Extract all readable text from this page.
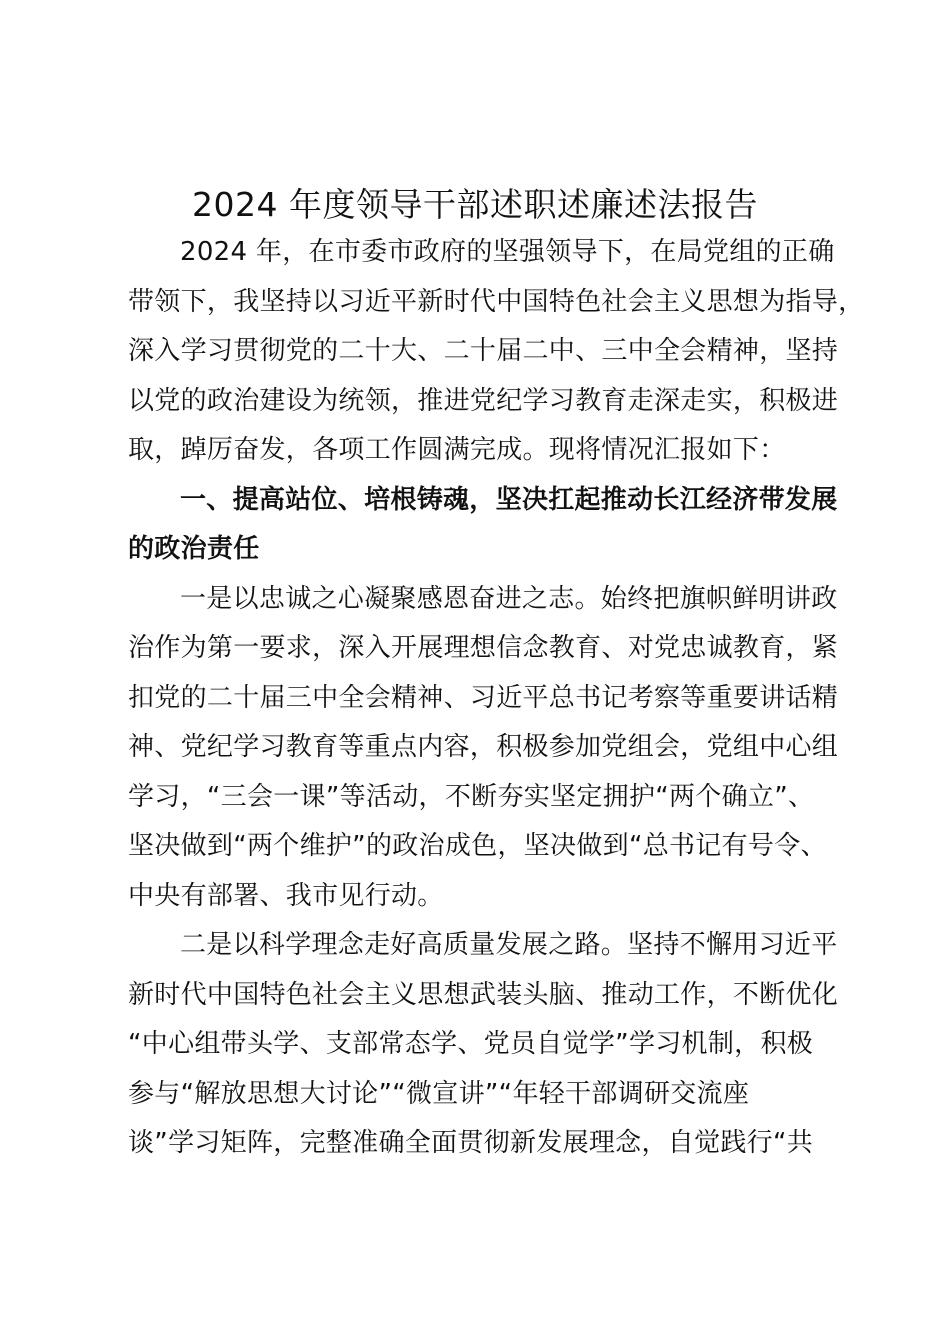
2024 年度领导干部述职述廉述法报告
2024 年，在市委市政府的坚强领导下，在局党组的正确
带领下，我坚持以习近平新时代中国特色社会主义思想为指导，
深入学习贯彻党的二十大、二十届二中、三中全会精神，坚持
以党的政治建设为统领，推进党纪学习教育走深走实，积极进
取，踔厉奋发，各项工作圆满完成。现将情况汇报如下：
一、提高站位、培根铸魂，坚决扛起推动长江经济带发展
的政治责任
一是以忠诚之心凝聚感恩奋进之志。始终把旗帜鲜明讲政
治作为第一要求，深入开展理想信念教育、对党忠诚教育，紧
扣党的二十届三中全会精神、习近平总书记考察等重要讲话精
神、党纪学习教育等重点内容，积极参加党组会，党组中心组
学习，“三会一课”等活动，不断夯实坚定拥护“两个确立”、
坚决做到“两个维护”的政治成色，坚决做到“总书记有号令、
中央有部署、我市见行动。
二是以科学理念走好高质量发展之路。坚持不懈用习近平
新时代中国特色社会主义思想武装头脑、推动工作，不断优化
“中心组带头学、支部常态学、党员自觉学”学习机制，积极
参与“解放思想大讨论”“微宣讲”“年轻干部调研交流座
谈”学习矩阵，完整准确全面贯彻新发展理念，自觉践行“共
